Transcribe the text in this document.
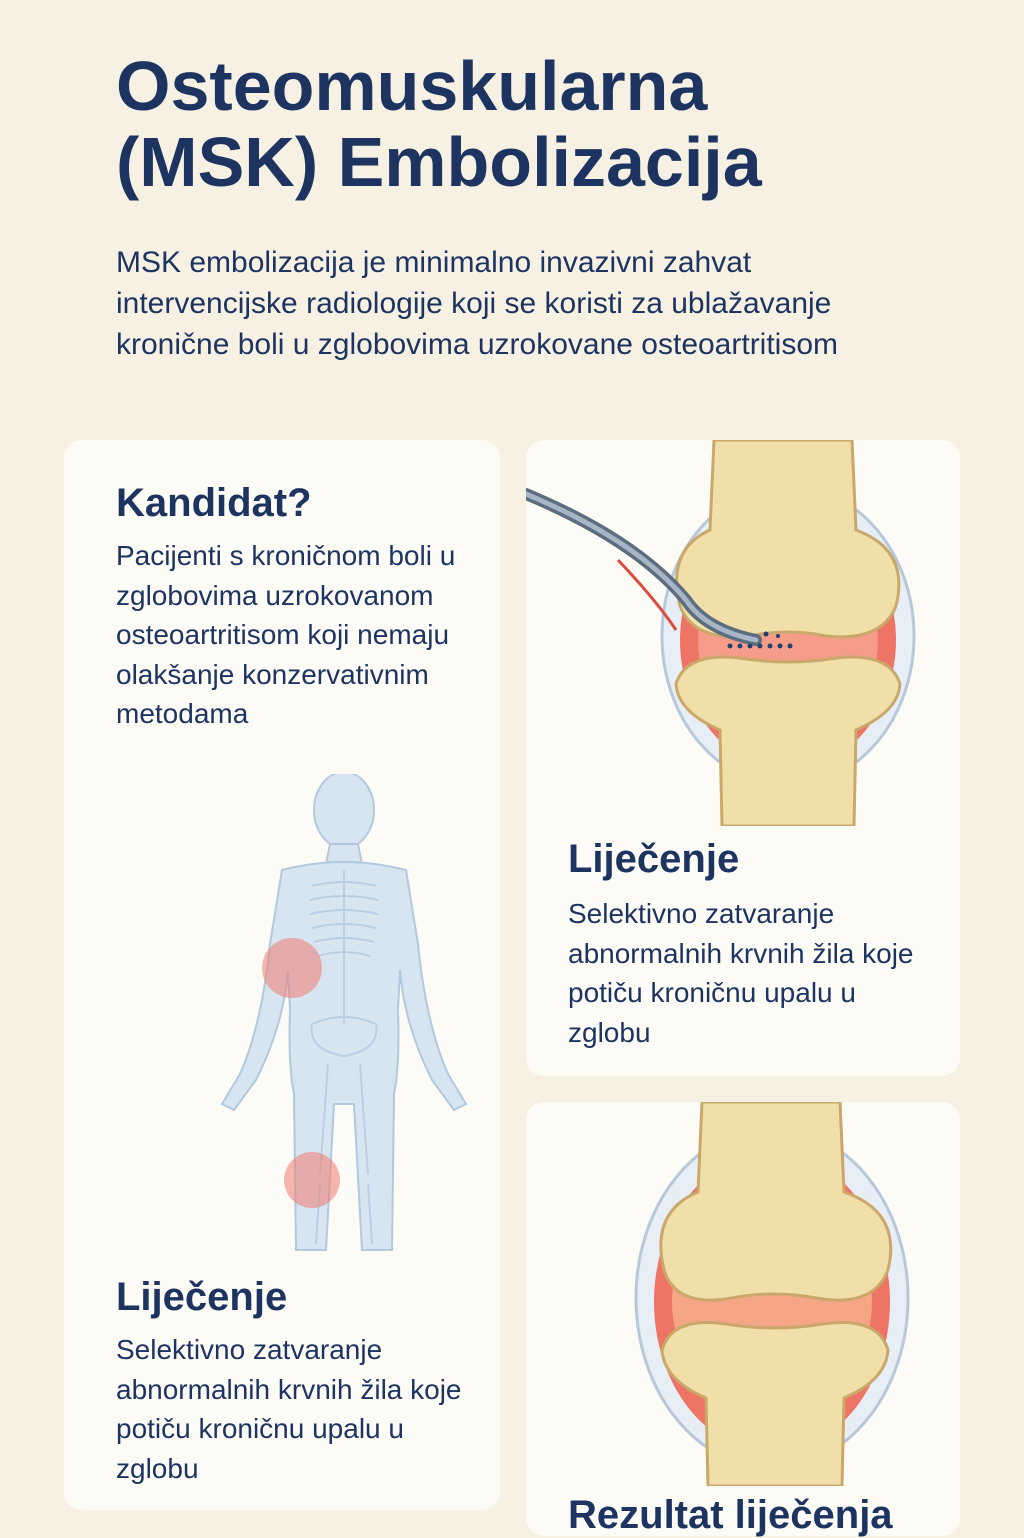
Osteomuskularna
(MSK) Embolizacija

MSK embolizacija je minimalno invazivni zahvat intervencijske radiologije koji se koristi za ublažavanje kronične boli u zglobovima uzrokovane osteoartritisom

Kandidat?

Pacijenti s kroničnom boli u zglobovima uzrokovanom osteoartritisom koji nemaju olakšanje konzervativnim metodama

Liječenje

Selektivno zatvaranje abnormalnih krvnih žila koje potiču kroničnu upalu u zglobu

Liječenje

Selektivno zatvaranje abnormalnih krvnih žila koje potiču kroničnu upalu u zglobu

Rezultat liječenja
